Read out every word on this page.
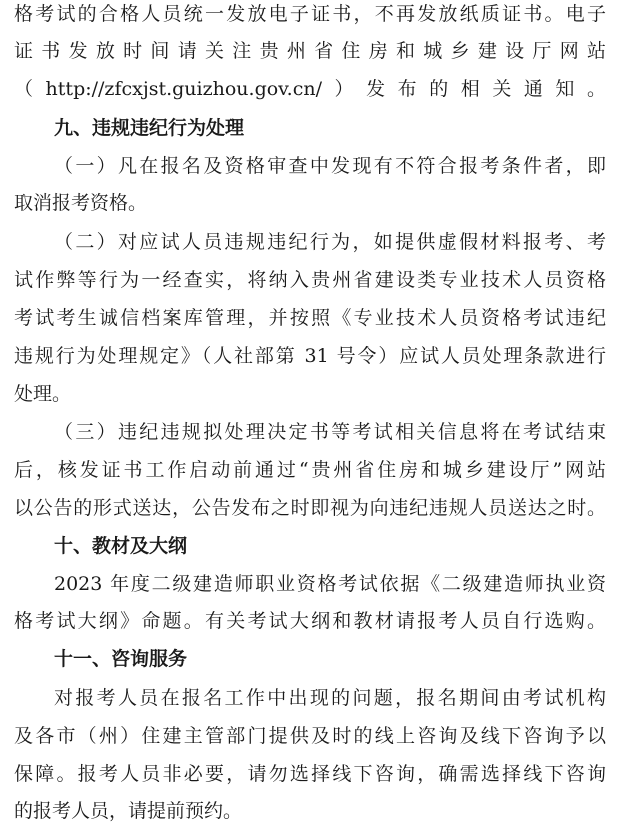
格考试的合格人员统一发放电子证书，不再发放纸质证书。电子
证书发放时间请关注贵州省住房和城乡建设厅网站
（http://zfcxjst.guizhou.gov.cn/）发布的相关通知。
九、违规违纪行为处理
（一）凡在报名及资格审查中发现有不符合报考条件者，即
取消报考资格。
（二）对应试人员违规违纪行为，如提供虚假材料报考、考
试作弊等行为一经查实，将纳入贵州省建设类专业技术人员资格
考试考生诚信档案库管理，并按照《专业技术人员资格考试违纪
违规行为处理规定》（人社部第 31 号令）应试人员处理条款进行
处理。
（三）违纪违规拟处理决定书等考试相关信息将在考试结束
后，核发证书工作启动前通过“贵州省住房和城乡建设厅”网站
以公告的形式送达，公告发布之时即视为向违纪违规人员送达之时。
十、教材及大纲
2023 年度二级建造师职业资格考试依据《二级建造师执业资
格考试大纲》命题。有关考试大纲和教材请报考人员自行选购。
十一、咨询服务
对报考人员在报名工作中出现的问题，报名期间由考试机构
及各市（州）住建主管部门提供及时的线上咨询及线下咨询予以
保障。报考人员非必要，请勿选择线下咨询，确需选择线下咨询
的报考人员，请提前预约。
